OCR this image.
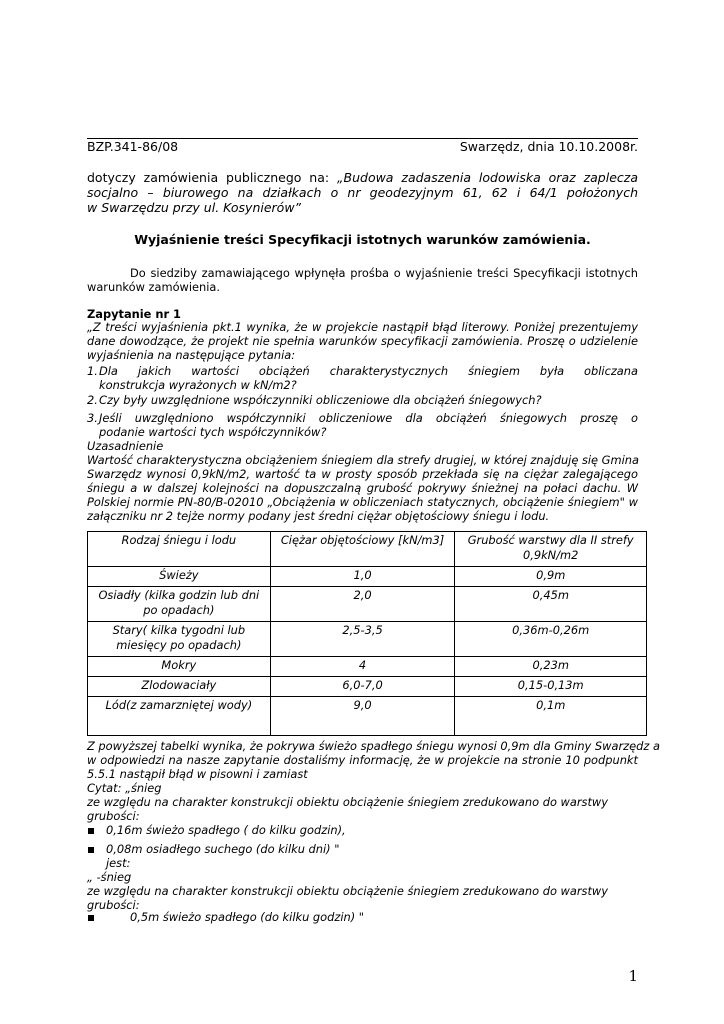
BZP.341-86/08	Swarzędz, dnia 10.10.2008r.
dotyczy zamówienia publicznego na: „Budowa zadaszenia lodowiska oraz zaplecza
socjalno – biurowego na działkach o nr geodezyjnym 61, 62 i 64/1 położonych
w Swarzędzu przy ul. Kosynierów”
Wyjaśnienie treści Specyfikacji istotnych warunków zamówienia.
Do siedziby zamawiającego wpłynęła prośba o wyjaśnienie treści Specyfikacji istotnych
warunków zamówienia.
Zapytanie nr 1
„Z treści wyjaśnienia pkt.1 wynika, że w projekcie nastąpił błąd literowy. Poniżej prezentujemy
dane dowodzące, że projekt nie spełnia warunków specyfikacji zamówienia. Proszę o udzielenie
wyjaśnienia na następujące pytania:
1. Dla jakich wartości obciążeń charakterystycznych śniegiem była obliczana
konstrukcja wyrażonych w kN/m2?
2. Czy były uwzględnione współczynniki obliczeniowe dla obciążeń śniegowych?
3. Jeśli uwzględniono współczynniki obliczeniowe dla obciążeń śniegowych proszę o
podanie wartości tych współczynników?
Uzasadnienie
Wartość charakterystyczna obciążeniem śniegiem dla strefy drugiej, w której znajduję się Gmina
Swarzędz wynosi 0,9kN/m2, wartość ta w prosty sposób przekłada się na ciężar zalegającego
śniegu a w dalszej kolejności na dopuszczalną grubość pokrywy śnieżnej na połaci dachu. W
Polskiej normie PN-80/B-02010 „Obciążenia w obliczeniach statycznych, obciążenie śniegiem" w
załączniku nr 2 tejże normy podany jest średni ciężar objętościowy śniegu i lodu.
Rodzaj śniegu i lodu	Ciężar objętościowy [kN/m3]	Grubość warstwy dla II strefy 0,9kN/m2
Świeży	1,0	0,9m
Osiadły (kilka godzin lub dni po opadach)	2,0	0,45m
Stary( kilka tygodni lub miesięcy po opadach)	2,5-3,5	0,36m-0,26m
Mokry	4	0,23m
Zlodowaciały	6,0-7,0	0,15-0,13m
Lód(z zamarzniętej wody)	9,0	0,1m
Z powyższej tabelki wynika, że pokrywa świeżo spadłego śniegu wynosi 0,9m dla Gminy Swarzędz a
w odpowiedzi na nasze zapytanie dostaliśmy informację, że w projekcie na stronie 10 podpunkt
5.5.1 nastąpił błąd w pisowni i zamiast
Cytat: „śnieg
ze względu na charakter konstrukcji obiektu obciążenie śniegiem zredukowano do warstwy
grubości:
0,16m świeżo spadłego ( do kilku godzin),
0,08m osiadłego suchego (do kilku dni) "
jest:
„ -śnieg
ze względu na charakter konstrukcji obiektu obciążenie śniegiem zredukowano do warstwy
grubości:
0,5m świeżo spadłego (do kilku godzin) "
1
